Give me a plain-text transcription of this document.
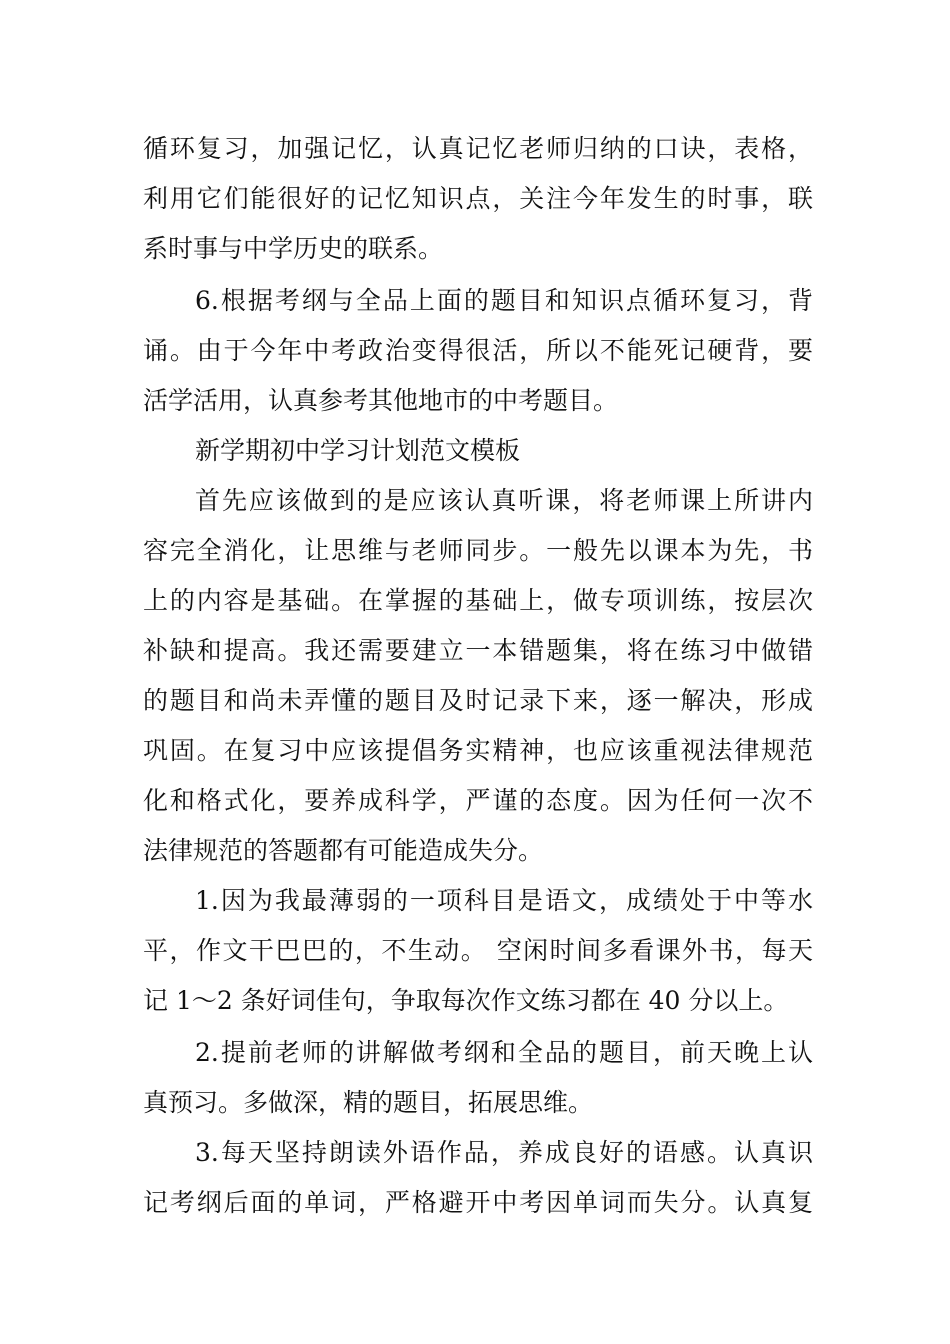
循环复习，加强记忆，认真记忆老师归纳的口诀，表格，
利用它们能很好的记忆知识点，关注今年发生的时事，联
系时事与中学历史的联系。
6.根据考纲与全品上面的题目和知识点循环复习，背
诵。由于今年中考政治变得很活，所以不能死记硬背，要
活学活用，认真参考其他地市的中考题目。
新学期初中学习计划范文模板
首先应该做到的是应该认真听课，将老师课上所讲内
容完全消化，让思维与老师同步。一般先以课本为先，书
上的内容是基础。在掌握的基础上，做专项训练，按层次
补缺和提高。我还需要建立一本错题集，将在练习中做错
的题目和尚未弄懂的题目及时记录下来，逐一解决，形成
巩固。在复习中应该提倡务实精神，也应该重视法律规范
化和格式化，要养成科学，严谨的态度。因为任何一次不
法律规范的答题都有可能造成失分。
1.因为我最薄弱的一项科目是语文，成绩处于中等水
平，作文干巴巴的，不生动。 空闲时间多看课外书，每天
记 1～2 条好词佳句，争取每次作文练习都在 40 分以上。
2.提前老师的讲解做考纲和全品的题目，前天晚上认
真预习。多做深，精的题目，拓展思维。
3.每天坚持朗读外语作品，养成良好的语感。认真识
记考纲后面的单词，严格避开中考因单词而失分。认真复
